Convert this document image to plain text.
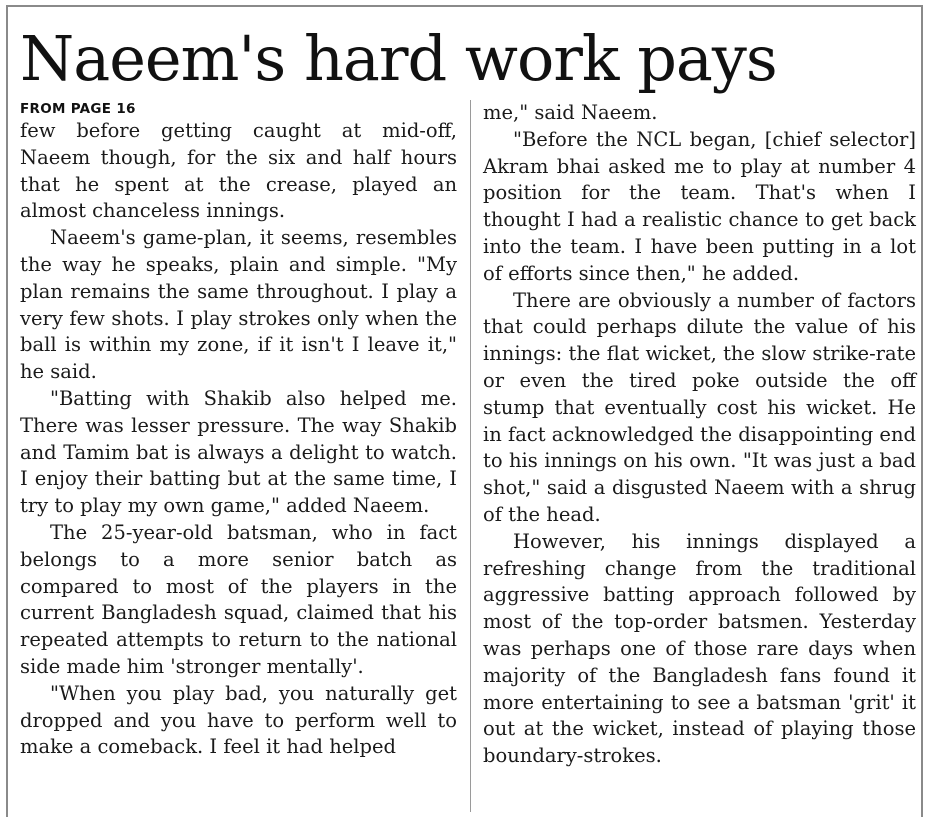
Naeem's hard work pays
FROM PAGE 16

few before getting caught at mid-off, Naeem though, for the six and half hours that he spent at the crease, played an almost chanceless innings.

Naeem's game-plan, it seems, resembles the way he speaks, plain and simple. "My plan remains the same throughout. I play a very few shots. I play strokes only when the ball is within my zone, if it isn't I leave it," he said.

"Batting with Shakib also helped me. There was lesser pressure. The way Shakib and Tamim bat is always a delight to watch. I enjoy their batting but at the same time, I try to play my own game," added Naeem.

The 25-year-old batsman, who in fact belongs to a more senior batch as compared to most of the players in the current Bangladesh squad, claimed that his repeated attempts to return to the national side made him 'stronger mentally'.

"When you play bad, you naturally get dropped and you have to perform well to make a comeback. I feel it had helped

me," said Naeem.

"Before the NCL began, [chief selector] Akram bhai asked me to play at number 4 position for the team. That's when I thought I had a realistic chance to get back into the team. I have been putting in a lot of efforts since then," he added.

There are obviously a number of factors that could perhaps dilute the value of his innings: the flat wicket, the slow strike-rate or even the tired poke outside the off stump that eventually cost his wicket. He in fact acknowledged the disappointing end to his innings on his own. "It was just a bad shot," said a disgusted Naeem with a shrug of the head.

However, his innings displayed a refreshing change from the traditional aggressive batting approach followed by most of the top-order batsmen. Yesterday was perhaps one of those rare days when majority of the Bangladesh fans found it more entertaining to see a batsman 'grit' it out at the wicket, instead of playing those boundary-strokes.
